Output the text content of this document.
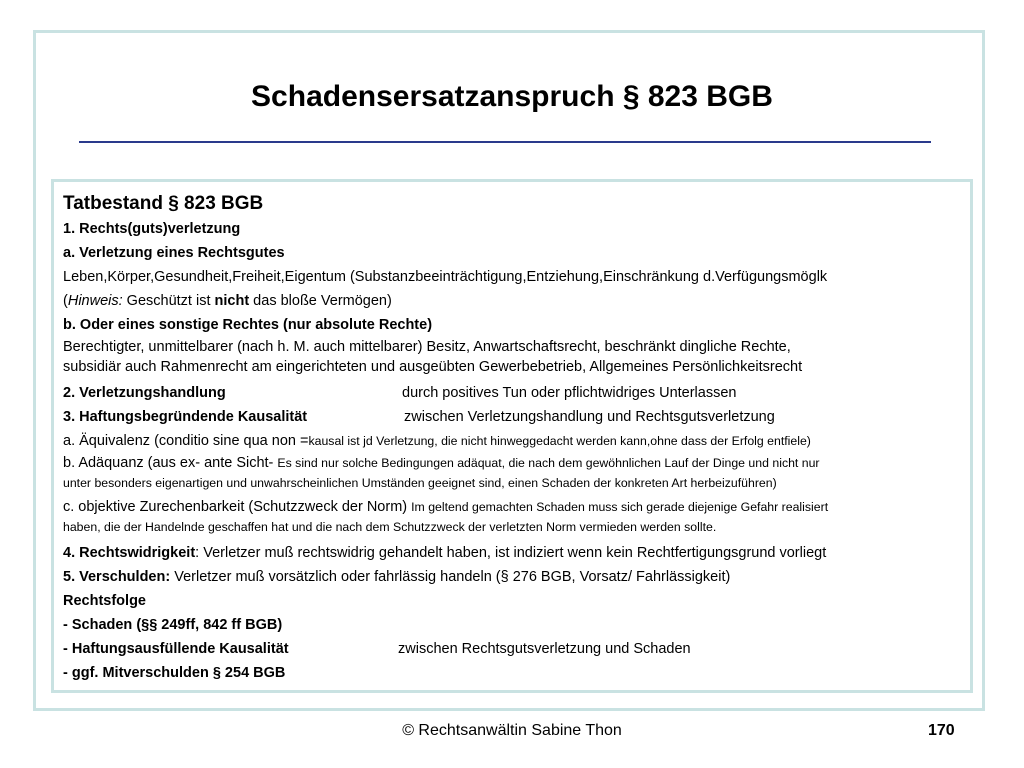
Schadensersatzanspruch § 823 BGB
Tatbestand § 823 BGB
1. Rechts(guts)verletzung
a. Verletzung eines Rechtsgutes
Leben,Körper,Gesundheit,Freiheit,Eigentum (Substanzbeeinträchtigung,Entziehung,Einschränkung d.Verfügungsmöglk
(Hinweis: Geschützt ist nicht das bloße Vermögen)
b. Oder eines sonstige Rechtes (nur absolute Rechte)
Berechtigter, unmittelbarer (nach h. M. auch mittelbarer) Besitz, Anwartschaftsrecht, beschränkt dingliche Rechte,
subsidiär auch Rahmenrecht am eingerichteten und ausgeübten Gewerbebetrieb, Allgemeines Persönlichkeitsrecht
2. Verletzungshandlung	durch positives Tun oder pflichtwidriges Unterlassen
3. Haftungsbegründende Kausalität	zwischen Verletzungshandlung und Rechtsgutsverletzung
a. Äquivalenz (conditio sine qua non =kausal ist jd Verletzung, die nicht hinweggedacht werden kann,ohne dass der Erfolg entfiele)
b. Adäquanz (aus ex- ante Sicht- Es sind nur solche Bedingungen adäquat, die nach dem gewöhnlichen Lauf der Dinge und nicht nur
unter besonders eigenartigen und unwahrscheinlichen Umständen geeignet sind, einen Schaden der konkreten Art herbeizuführen)
c. objektive Zurechenbarkeit (Schutzzweck der Norm) Im geltend gemachten Schaden muss sich gerade diejenige Gefahr realisiert
haben, die der Handelnde geschaffen hat und die nach dem Schutzzweck der verletzten Norm vermieden werden sollte.
4. Rechtswidrigkeit: Verletzer muß rechtswidrig gehandelt haben, ist indiziert wenn kein Rechtfertigungsgrund vorliegt
5. Verschulden: Verletzer muß vorsätzlich oder fahrlässig handeln (§ 276 BGB, Vorsatz/ Fahrlässigkeit)
Rechtsfolge
- Schaden (§§ 249ff, 842 ff BGB)
- Haftungsausfüllende Kausalität	zwischen Rechtsgutsverletzung und Schaden
- ggf. Mitverschulden § 254 BGB
© Rechtsanwältin Sabine Thon	170
